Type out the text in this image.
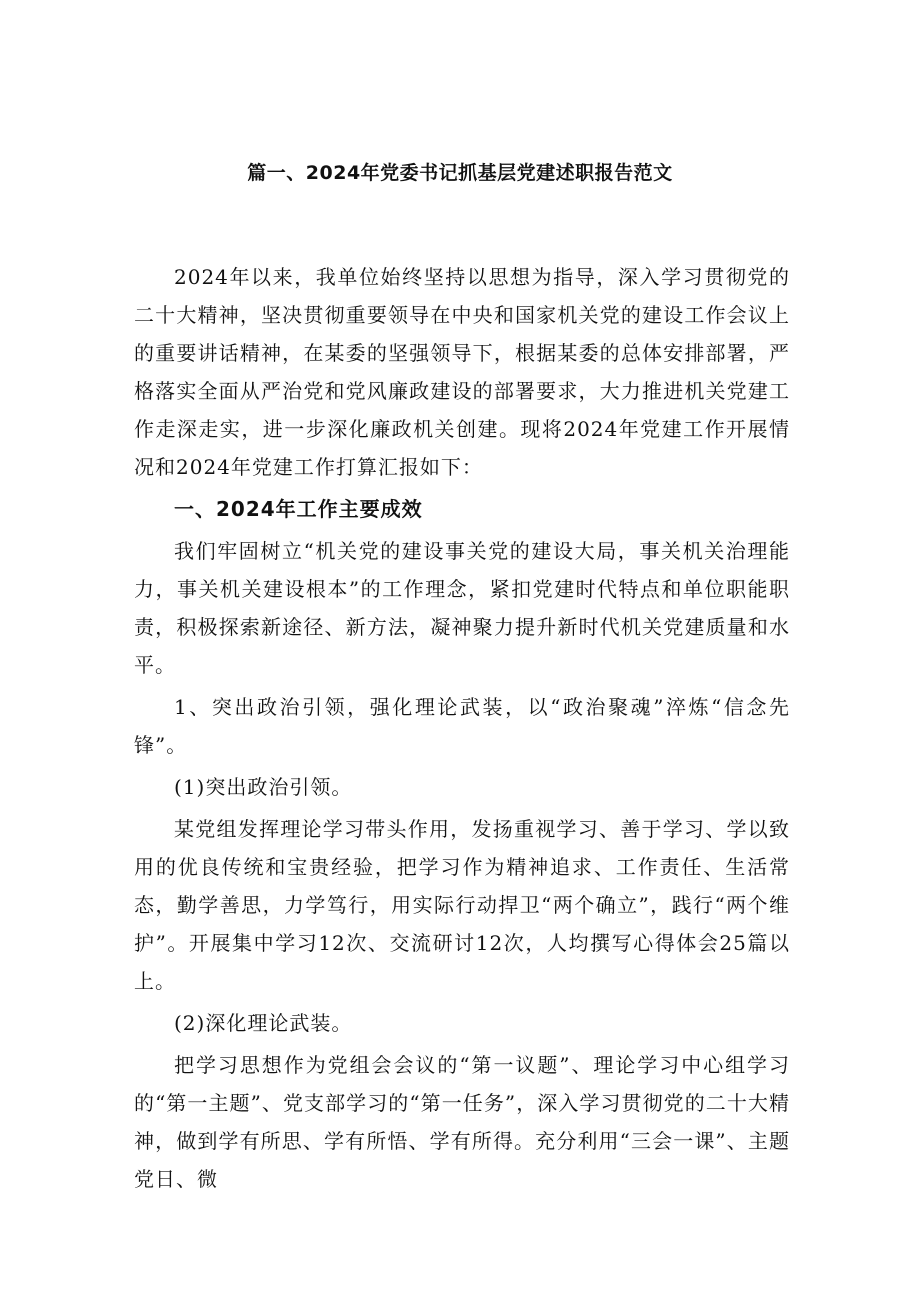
篇一、2024年党委书记抓基层党建述职报告范文

2024年以来，我单位始终坚持以思想为指导，深入学习贯彻党的二十大精神，坚决贯彻重要领导在中央和国家机关党的建设工作会议上的重要讲话精神，在某委的坚强领导下，根据某委的总体安排部署，严格落实全面从严治党和党风廉政建设的部署要求，大力推进机关党建工作走深走实，进一步深化廉政机关创建。现将2024年党建工作开展情况和2024年党建工作打算汇报如下：

一、2024年工作主要成效

我们牢固树立“机关党的建设事关党的建设大局，事关机关治理能力，事关机关建设根本”的工作理念，紧扣党建时代特点和单位职能职责，积极探索新途径、新方法，凝神聚力提升新时代机关党建质量和水平。

1、突出政治引领，强化理论武装，以“政治聚魂”淬炼“信念先锋”。

(1)突出政治引领。

某党组发挥理论学习带头作用，发扬重视学习、善于学习、学以致用的优良传统和宝贵经验，把学习作为精神追求、工作责任、生活常态，勤学善思，力学笃行，用实际行动捍卫“两个确立”，践行“两个维护”。开展集中学习12次、交流研讨12次，人均撰写心得体会25篇以上。

(2)深化理论武装。

把学习思想作为党组会会议的“第一议题”、理论学习中心组学习的“第一主题”、党支部学习的“第一任务”，深入学习贯彻党的二十大精神，做到学有所思、学有所悟、学有所得。充分利用“三会一课”、主题党日、微
